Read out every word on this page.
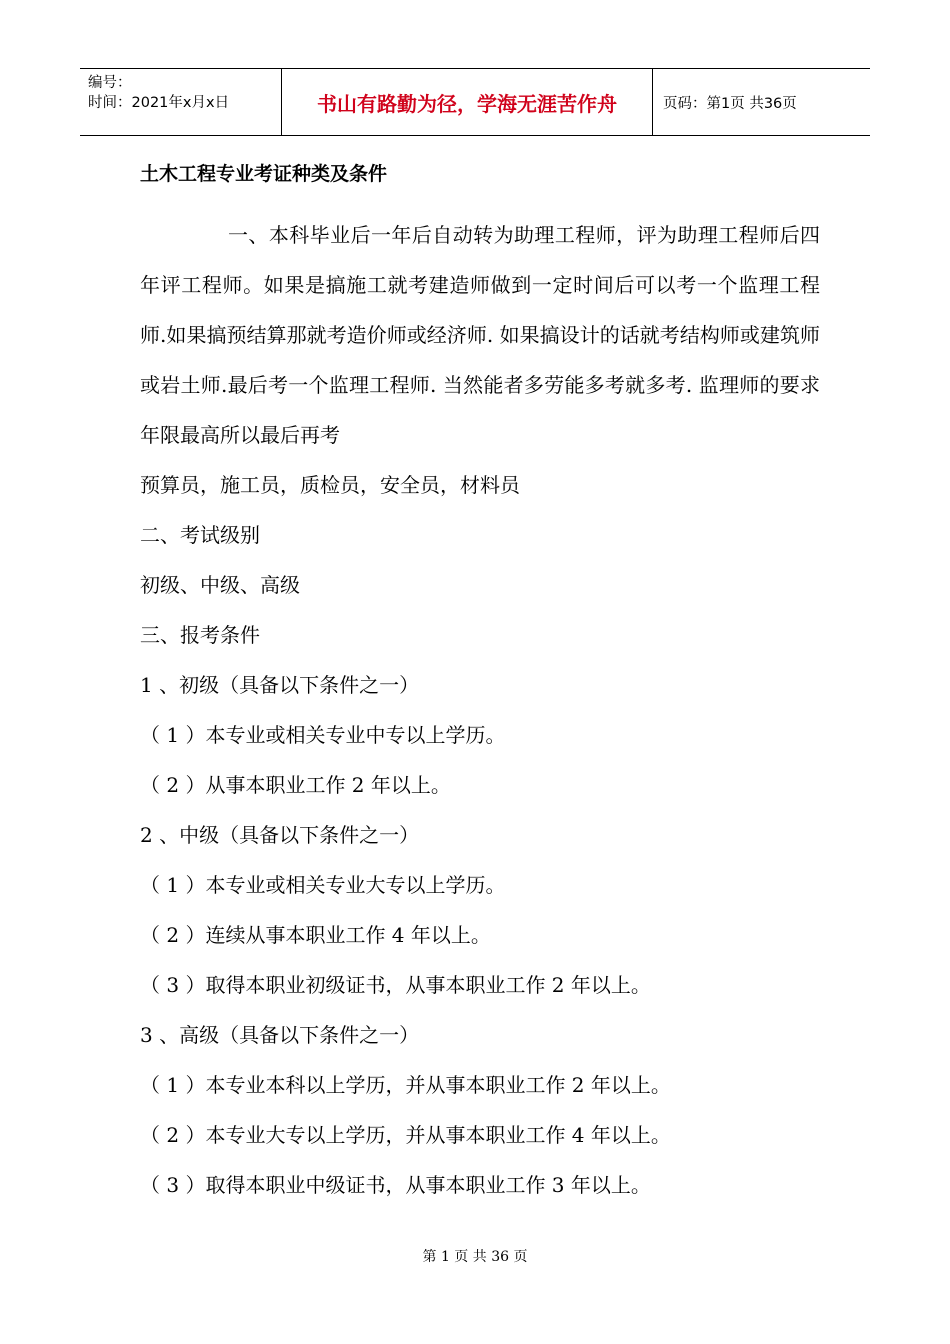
编号：
时间：2021年x月x日	书山有路勤为径，学海无涯苦作舟	页码：第1页 共36页
土木工程专业考证种类及条件

一、本科毕业后一年后自动转为助理工程师，评为助理工程师后四年评工程师。如果是搞施工就考建造师做到一定时间后可以考一个监理工程师.如果搞预结算那就考造价师或经济师. 如果搞设计的话就考结构师或建筑师或岩土师.最后考一个监理工程师. 当然能者多劳能多考就多考. 监理师的要求年限最高所以最后再考

预算员，施工员，质检员，安全员，材料员

二、考试级别

初级、中级、高级

三、报考条件

1 、初级（具备以下条件之一）

（ 1 ）本专业或相关专业中专以上学历。

（ 2 ）从事本职业工作 2 年以上。

2 、中级（具备以下条件之一）

（ 1 ）本专业或相关专业大专以上学历。

（ 2 ）连续从事本职业工作 4 年以上。

（ 3 ）取得本职业初级证书，从事本职业工作 2 年以上。

3 、高级（具备以下条件之一）

（ 1 ）本专业本科以上学历，并从事本职业工作 2 年以上。

（ 2 ）本专业大专以上学历，并从事本职业工作 4 年以上。

（ 3 ）取得本职业中级证书，从事本职业工作 3 年以上。

第 1 页 共 36 页
